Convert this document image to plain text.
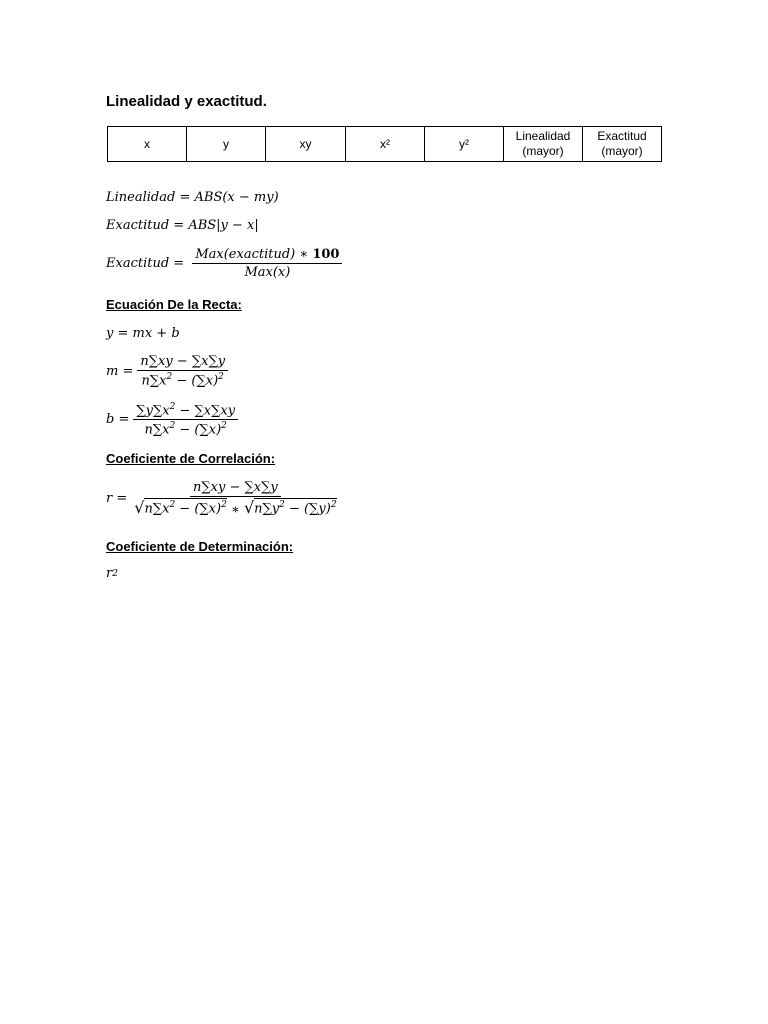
Linealidad y exactitud.
x	y	xy	x²	y²	Linealidad (mayor)	Exactitud (mayor)
Linealidad = ABS(x − my)
Exactitud = ABS|y − x|
Exactitud = $\frac{\text{Max(exactitud) ∗ 100}}{\text{Max(x)}}$
Ecuación De la Recta:
y = mx + b
$m = \frac{n\sum xy - \sum x\sum y}{n\sum x^2 - (\sum x)^2}$
$b = \frac{\sum y\sum x^2 - \sum x\sum xy}{n\sum x^2 - (\sum x)^2}$
Coeficiente de Correlación:
$r = \frac{n\sum xy - \sum x\sum y}{√ n\sum x^2 - (\sum x)^2 ∗ √ n\sum y^2 - (\sum y)^2}$
Coeficiente de Determinación:
r 2
